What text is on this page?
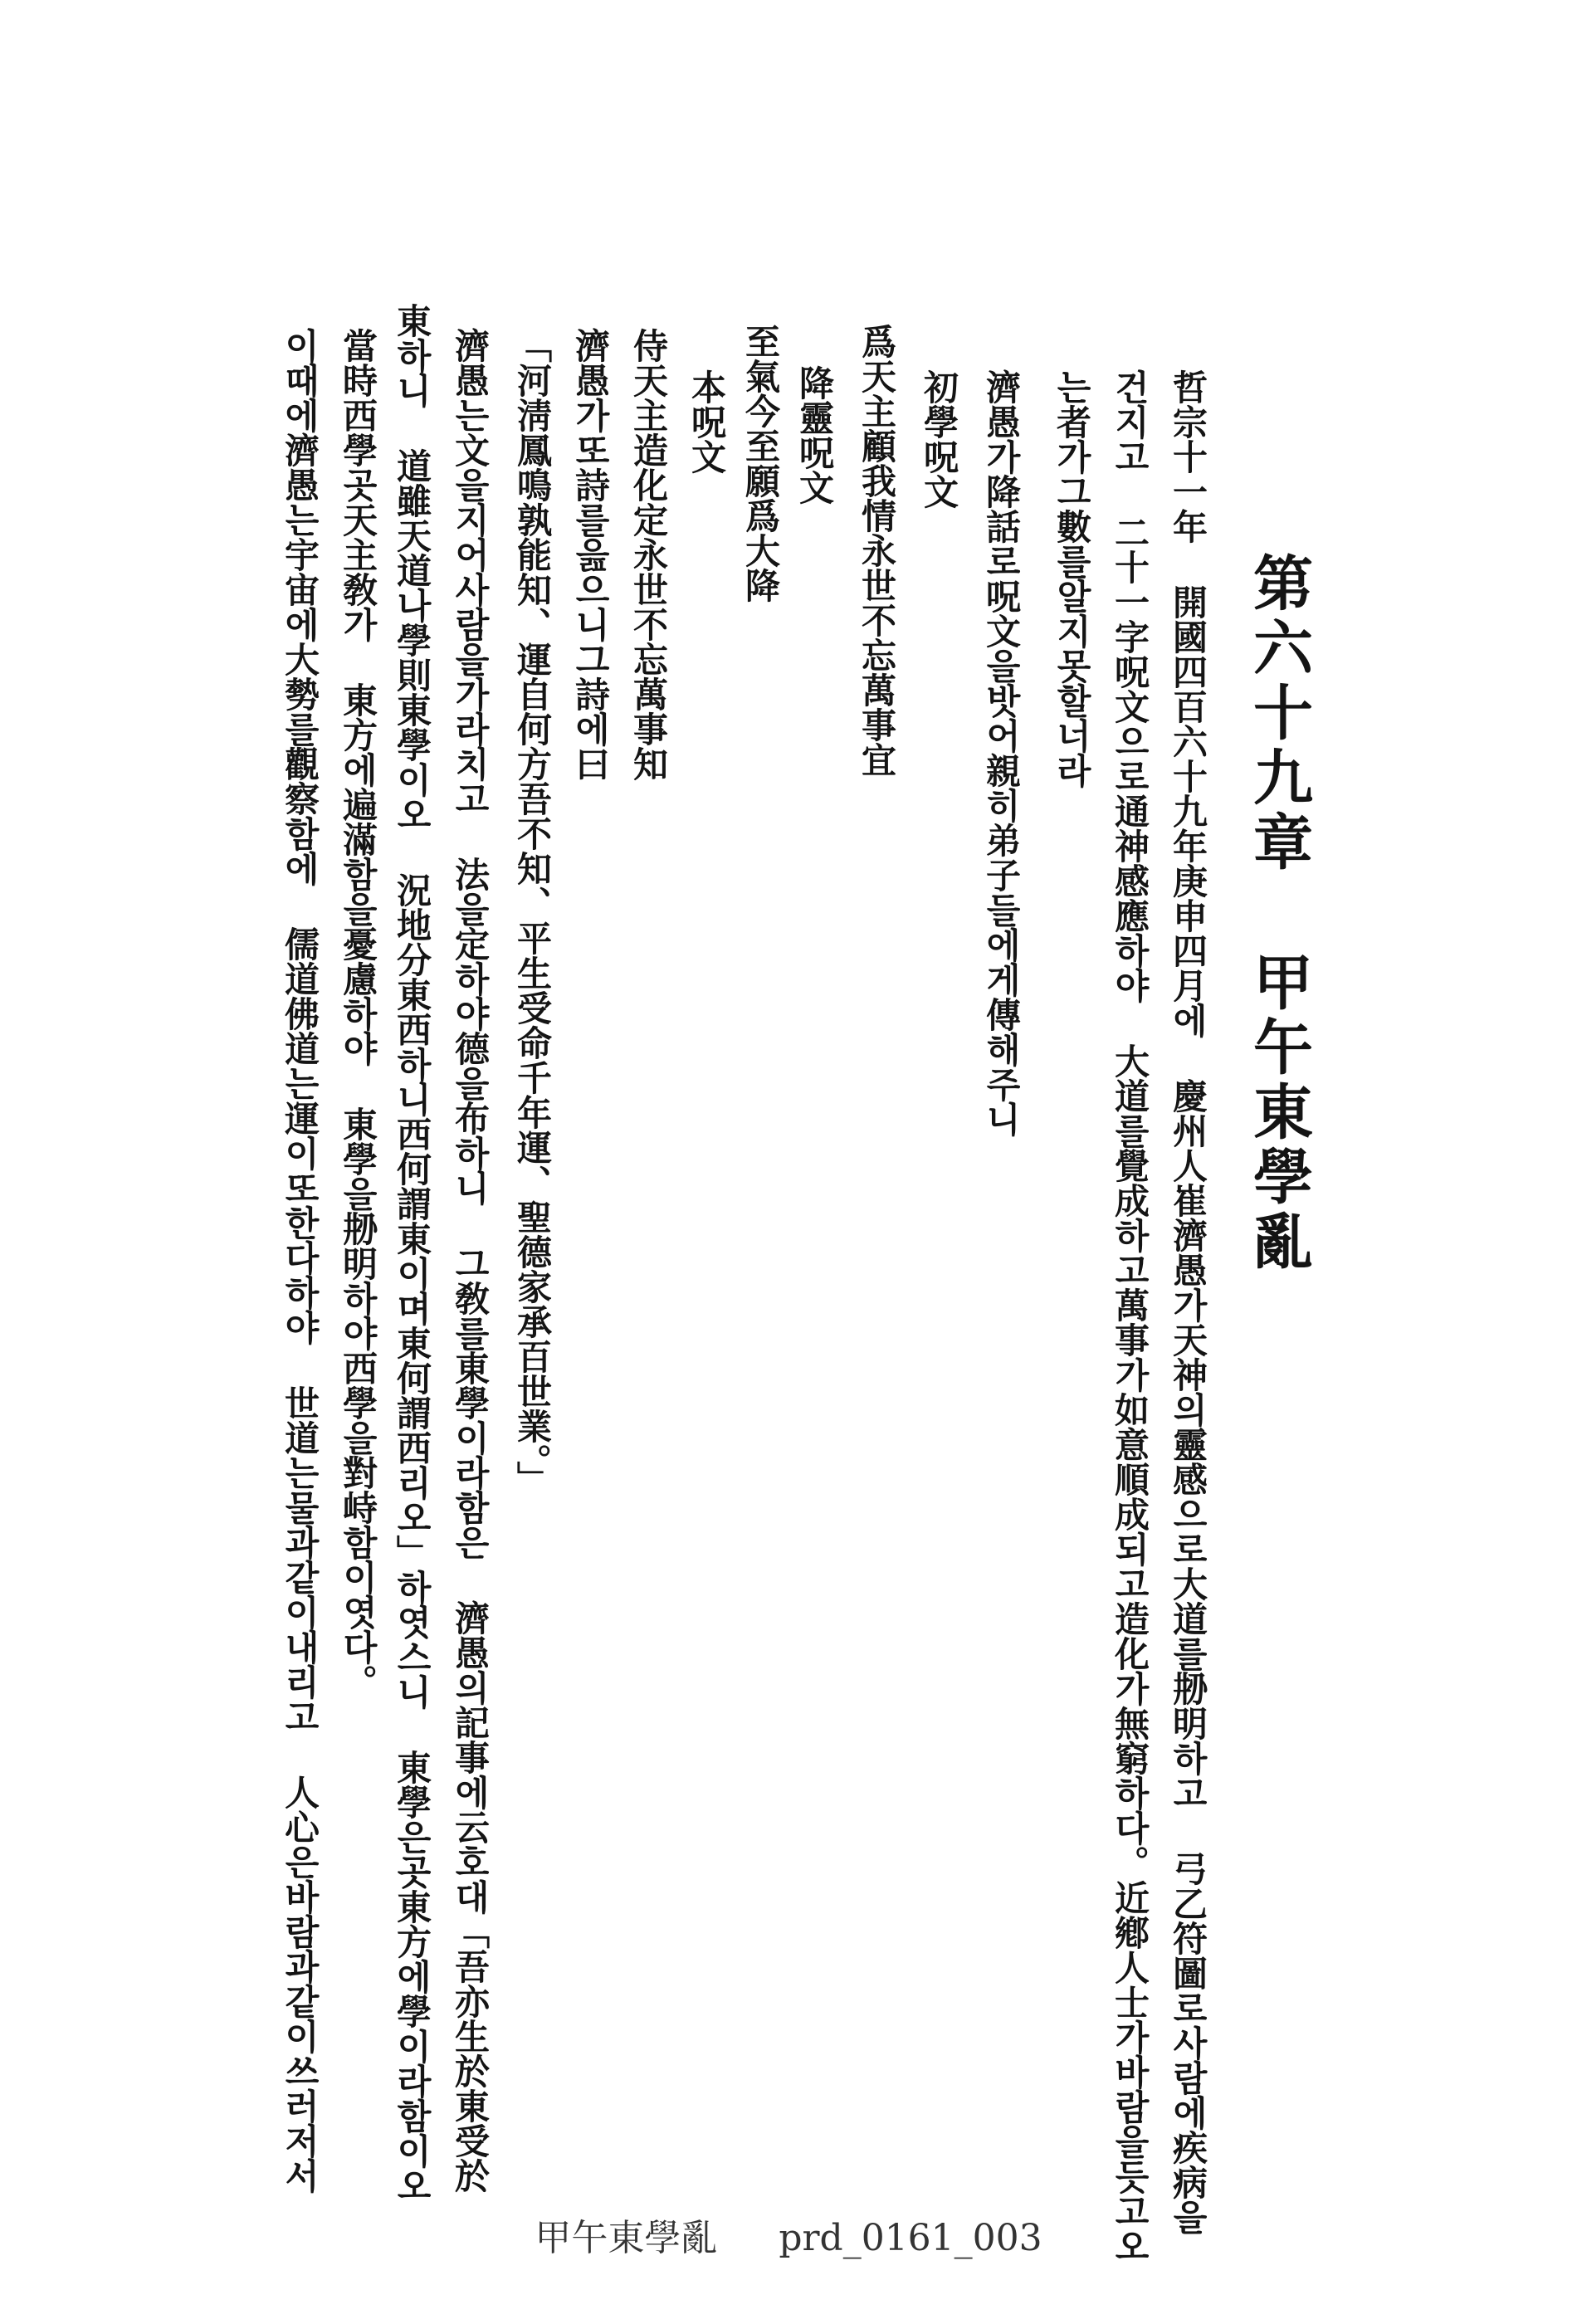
第六十九章 甲午東學亂
哲宗十一年 開國四百六十九年庚申四月에 慶州人崔濟愚가天神의靈感으로大道를刱明하고 弓乙符圖로사람에疾病을
건지고 二十一字呪文으로通神感應하야 大道를覺成하고萬事가如意順成되고造化가無窮하다。近鄕人士가바람을듯고오
는者가그數를알지못할너라
濟愚가降話로呪文을밧어親히弟子들에게傳해주니
初學呪文
爲天主顧我情永世不忘萬事宜
降靈呪文
至氣今至願爲大降
本呪文
侍天主造化定永世不忘萬事知
濟愚가또詩를읊으니그詩에曰
「河淸鳳鳴孰能知、運自何方吾不知、平生受命千年運、聖德家承百世業。」
濟愚는文을지어사람을가라치고 法을定하야德을布하니 그敎를東學이라함은 濟愚의記事에云호대「吾亦生於東受於
東하니 道雖天道나學則東學이오 況地分東西하니西何謂東이며東何謂西리오」하엿스니 東學은곳東方에學이라함이오
當時西學곳天主敎가 東方에遍滿함을憂慮하야 東學을刱明하야西學을對峙함이엿다。
이때에濟愚는宇宙에大勢를觀察함에 儒道佛道는運이또한다하야 世道는물과같이내리고 人心은바람과같이쓰러저서
甲午東學亂 prd_0161_003
